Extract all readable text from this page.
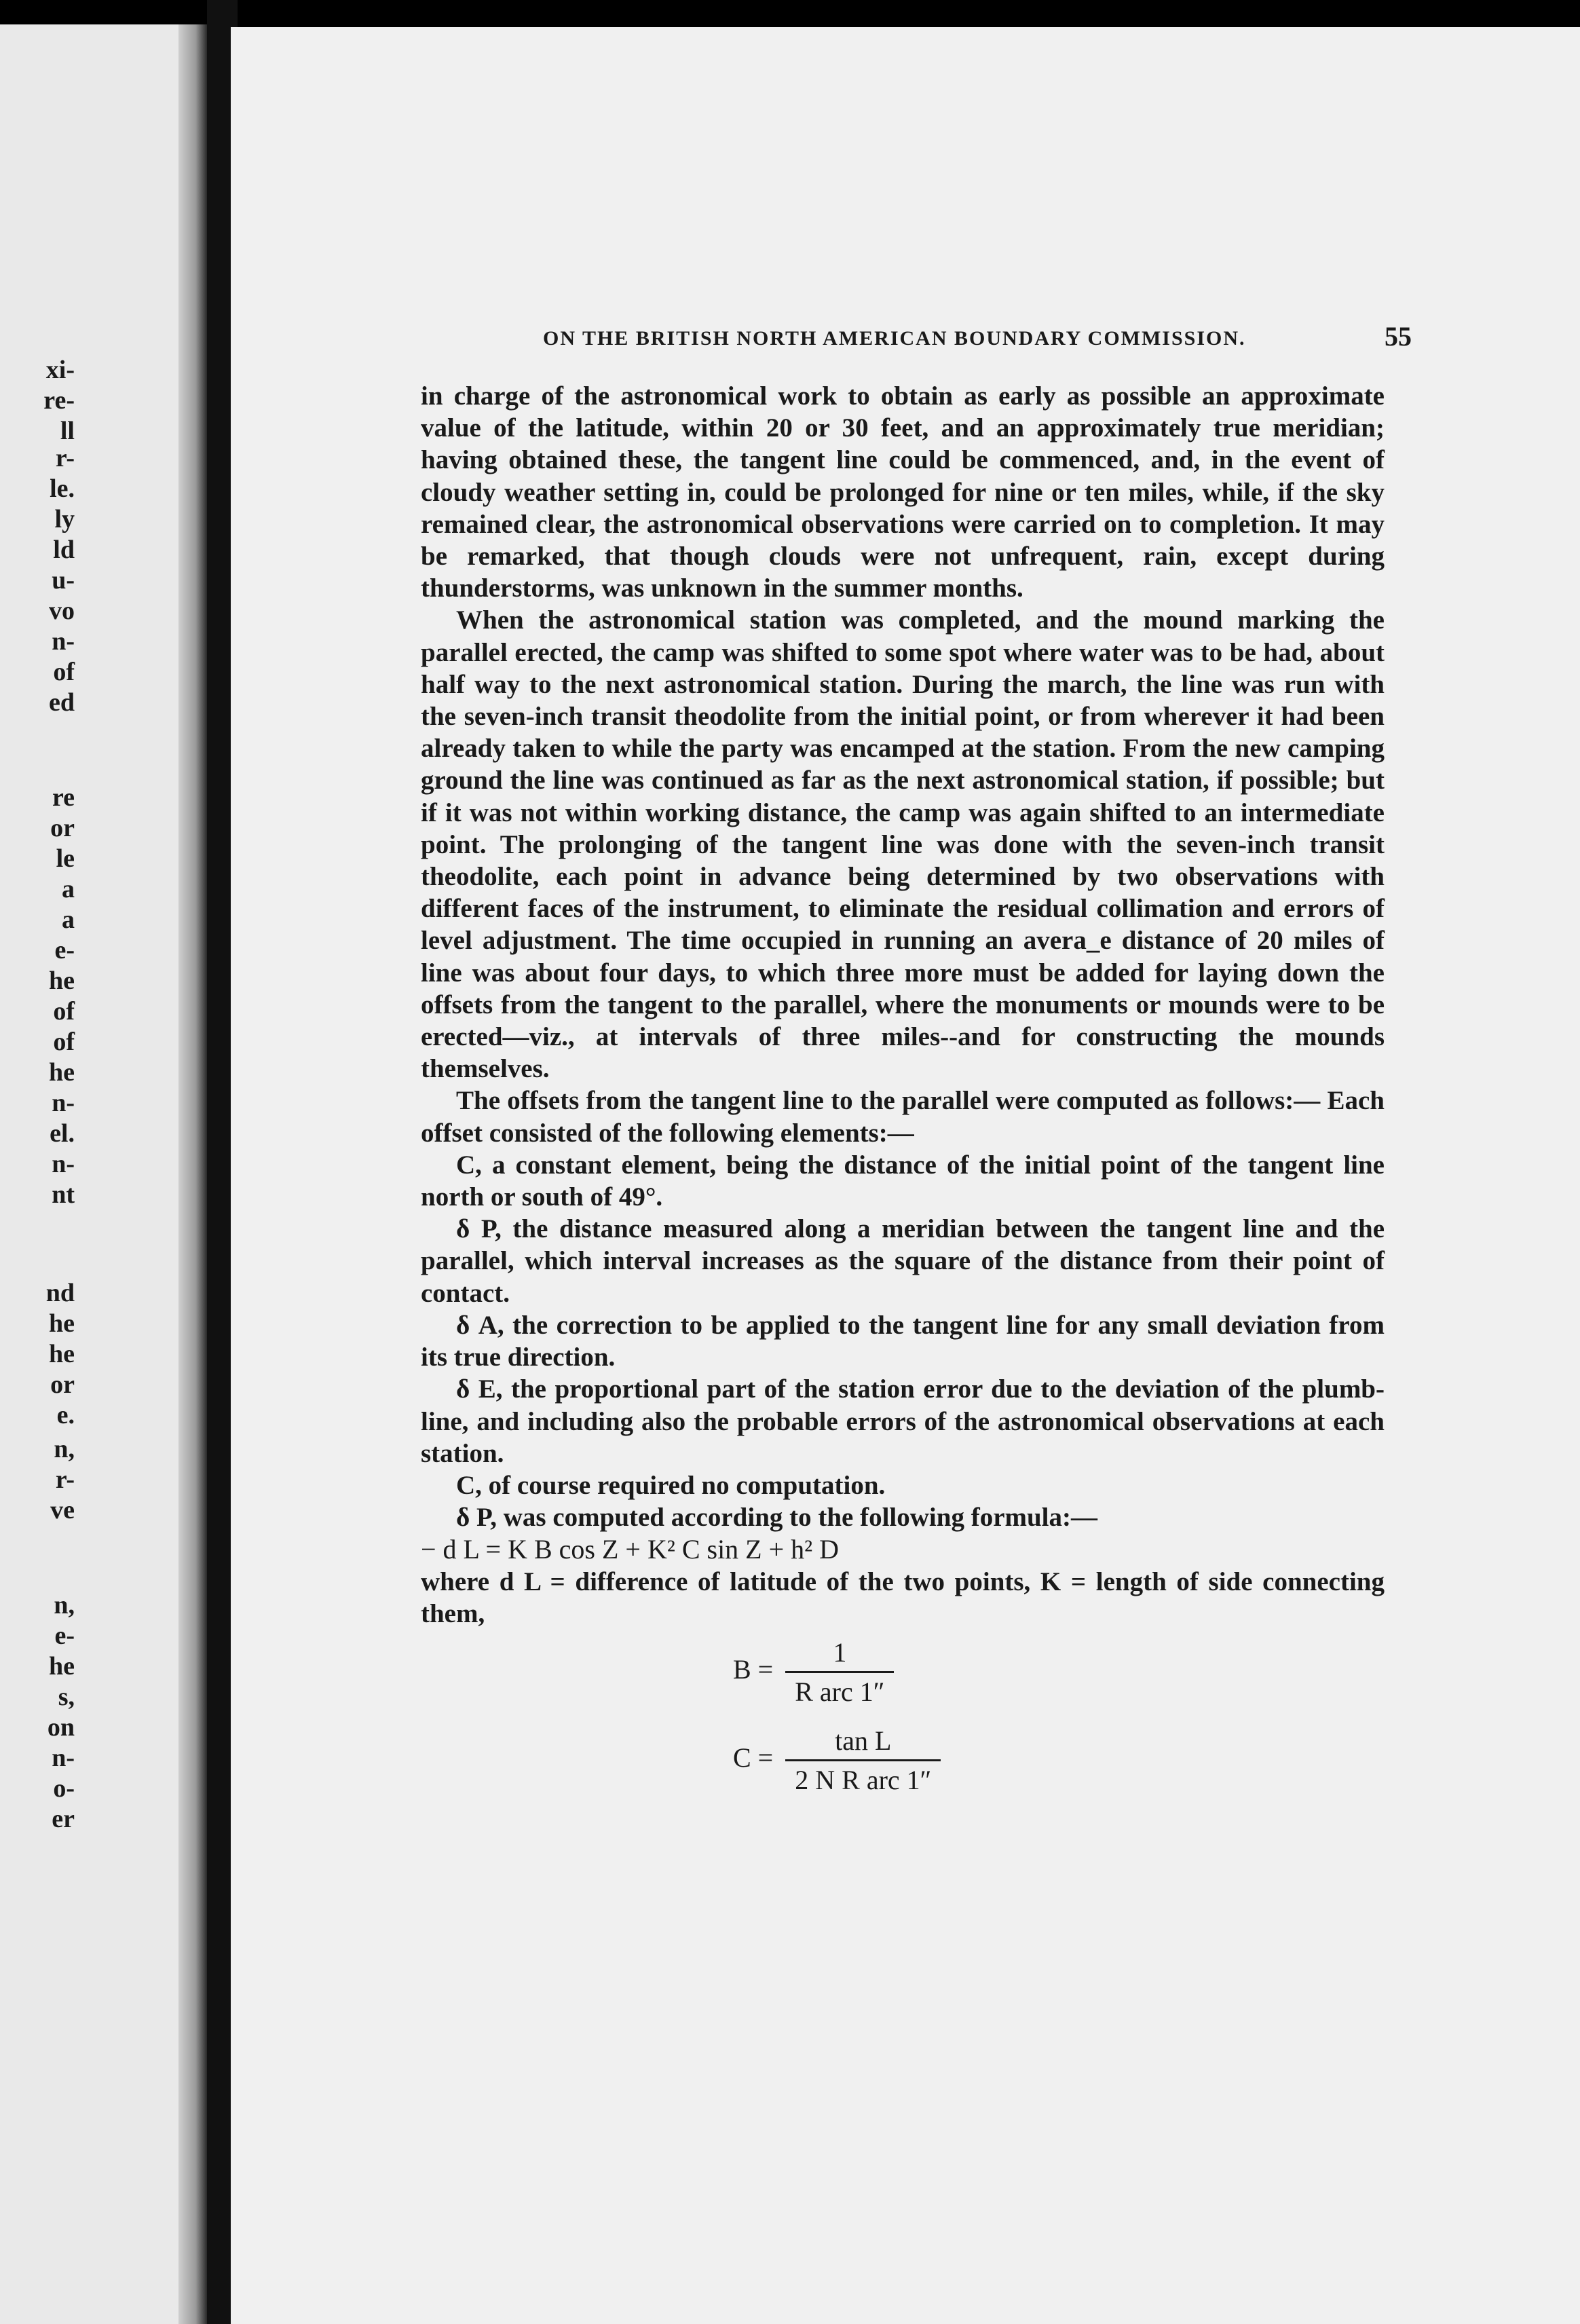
xi-
re-
ll
r-
le.
ly
ld
u-
vo
n-
of
ed
re
or
le
a
a
e-
he
of
of
he
n-
el.
n-
nt
nd
he
he
or
e.
n,
r-
ve
n,
e-
he
s,
on
n-
o-
er
ON THE BRITISH NORTH AMERICAN BOUNDARY COMMISSION.	55

in charge of the astronomical work to obtain as early as possible an approximate value of the latitude, within 20 or 30 feet, and an approximately true meridian; having obtained these, the tangent line could be commenced, and, in the event of cloudy weather setting in, could be prolonged for nine or ten miles, while, if the sky remained clear, the astronomical observations were carried on to completion. It may be remarked, that though clouds were not unfrequent, rain, except during thunderstorms, was unknown in the summer months.

When the astronomical station was completed, and the mound marking the parallel erected, the camp was shifted to some spot where water was to be had, about half way to the next astronomical station. During the march, the line was run with the seven-inch transit theodolite from the initial point, or from wherever it had been already taken to while the party was encamped at the station. From the new camping ground the line was continued as far as the next astronomical station, if possible; but if it was not within working distance, the camp was again shifted to an intermediate point. The prolonging of the tangent line was done with the seven-inch transit theodolite, each point in advance being determined by two observations with different faces of the instrument, to eliminate the residual collimation and errors of level adjustment. The time occupied in running an avera_e distance of 20 miles of line was about four days, to which three more must be added for laying down the offsets from the tangent to the parallel, where the monuments or mounds were to be erected—viz., at intervals of three miles--and for constructing the mounds themselves.

The offsets from the tangent line to the parallel were computed as follows:— Each offset consisted of the following elements:—

C, a constant element, being the distance of the initial point of the tangent line north or south of 49°.

δ P, the distance measured along a meridian between the tangent line and the parallel, which interval increases as the square of the distance from their point of contact.

δ A, the correction to be applied to the tangent line for any small deviation from its true direction.

δ E, the proportional part of the station error due to the deviation of the plumb-line, and including also the probable errors of the astronomical observations at each station.

C, of course required no computation.

δ P, was computed according to the following formula:—

− d L = K B cos Z + K² C sin Z + h² D

where d L = difference of latitude of the two points, K = length of side connecting them,

$B = \frac{1}{\text{R arc 1″}}$
$C = \frac{\text{tan L}}{\text{2 N R arc 1″}}$
